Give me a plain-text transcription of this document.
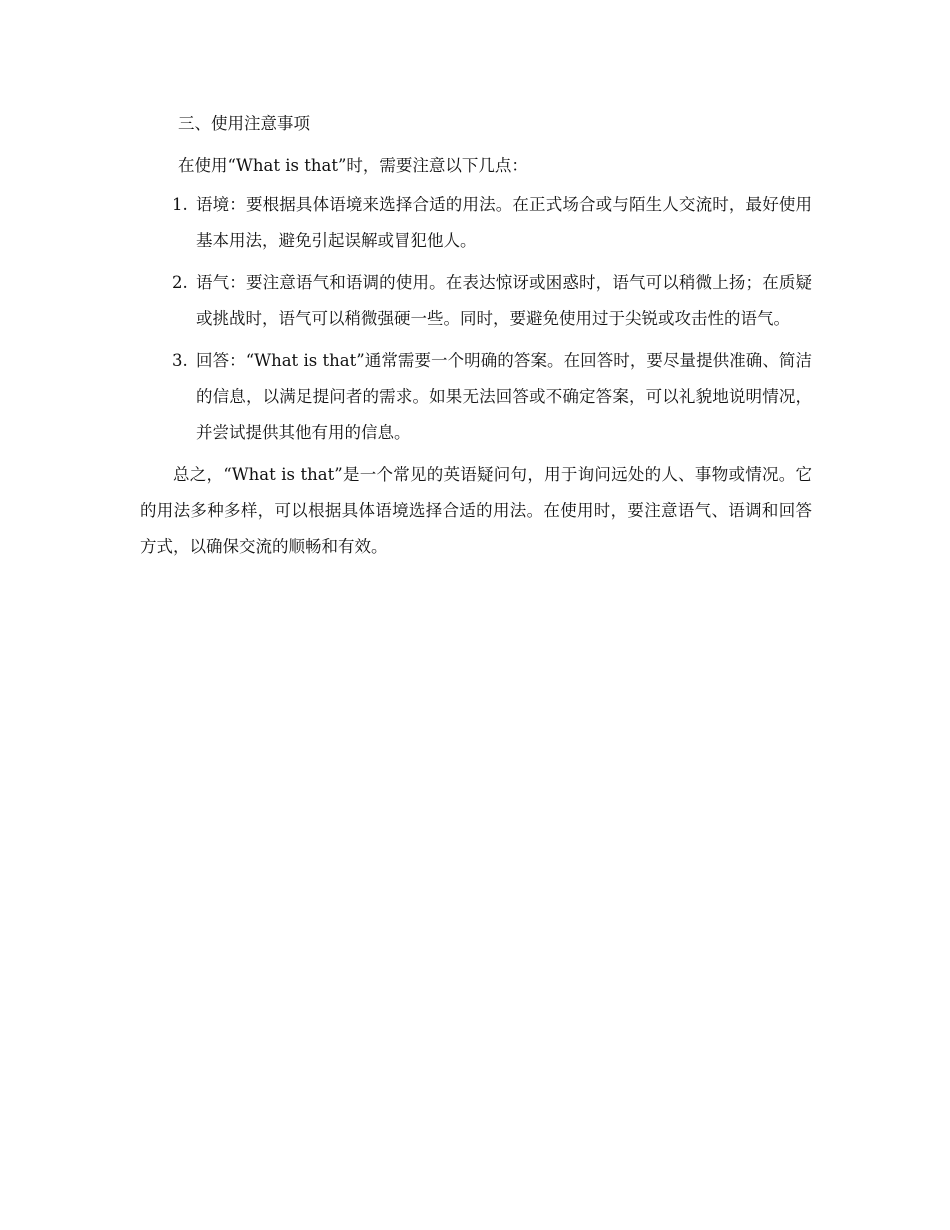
三、使用注意事项

在使用“What is that”时，需要注意以下几点：

1. 语境：要根据具体语境来选择合适的用法。在正式场合或与陌生人交流时，最好使用基本用法，避免引起误解或冒犯他人。
2. 语气：要注意语气和语调的使用。在表达惊讶或困惑时，语气可以稍微上扬；在质疑或挑战时，语气可以稍微强硬一些。同时，要避免使用过于尖锐或攻击性的语气。
3. 回答：“What is that”通常需要一个明确的答案。在回答时，要尽量提供准确、简洁的信息，以满足提问者的需求。如果无法回答或不确定答案，可以礼貌地说明情况，并尝试提供其他有用的信息。

总之，“What is that”是一个常见的英语疑问句，用于询问远处的人、事物或情况。它的用法多种多样，可以根据具体语境选择合适的用法。在使用时，要注意语气、语调和回答方式，以确保交流的顺畅和有效。
